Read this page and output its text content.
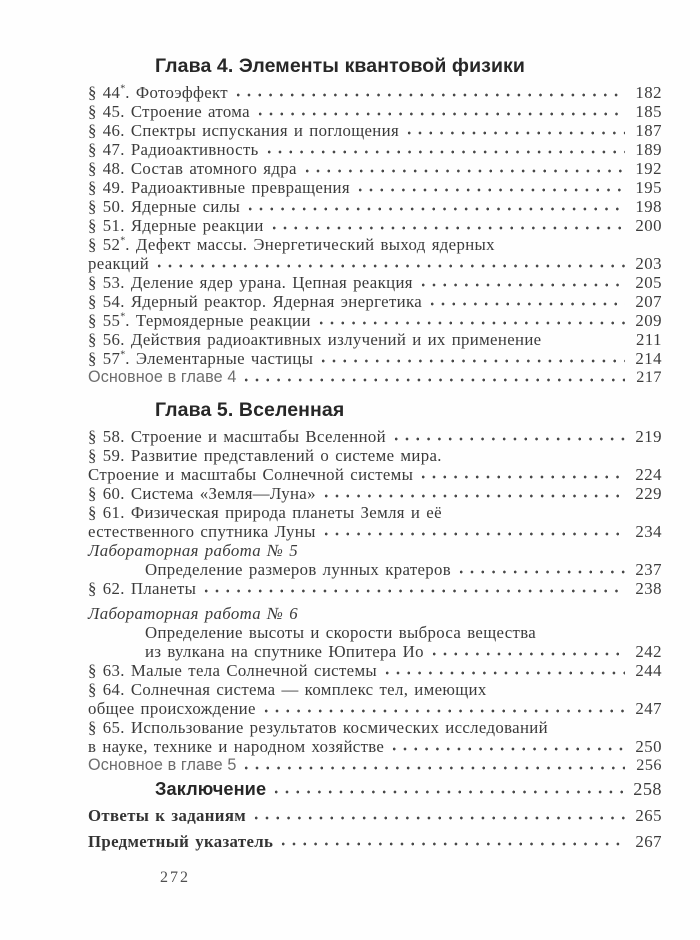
Глава 4. Элементы квантовой физики
§ 44*. Фотоэффект	182
§ 45. Строение атома	185
§ 46. Спектры испускания и поглощения	187
§ 47. Радиоактивность	189
§ 48. Состав атомного ядра	192
§ 49. Радиоактивные превращения	195
§ 50. Ядерные силы	198
§ 51. Ядерные реакции	200
§ 52*. Дефект массы. Энергетический выход ядерных
реакций	203
§ 53. Деление ядер урана. Цепная реакция	205
§ 54. Ядерный реактор. Ядерная энергетика	207
§ 55*. Термоядерные реакции	209
§ 56. Действия радиоактивных излучений и их применение	211
§ 57*. Элементарные частицы	214
Основное в главе 4	217
Глава 5. Вселенная
§ 58. Строение и масштабы Вселенной	219
§ 59. Развитие представлений о системе мира.
Строение и масштабы Солнечной системы	224
§ 60. Система «Земля—Луна»	229
§ 61. Физическая природа планеты Земля и её
естественного спутника Луны	234
Лабораторная работа № 5
Определение размеров лунных кратеров	237
§ 62. Планеты	238
Лабораторная работа № 6
Определение высоты и скорости выброса вещества
из вулкана на спутнике Юпитера Ио	242
§ 63. Малые тела Солнечной системы	244
§ 64. Солнечная система — комплекс тел, имеющих
общее происхождение	247
§ 65. Использование результатов космических исследований
в науке, технике и народном хозяйстве	250
Основное в главе 5	256
Заключение	258
Ответы к заданиям	265
Предметный указатель	267
272
